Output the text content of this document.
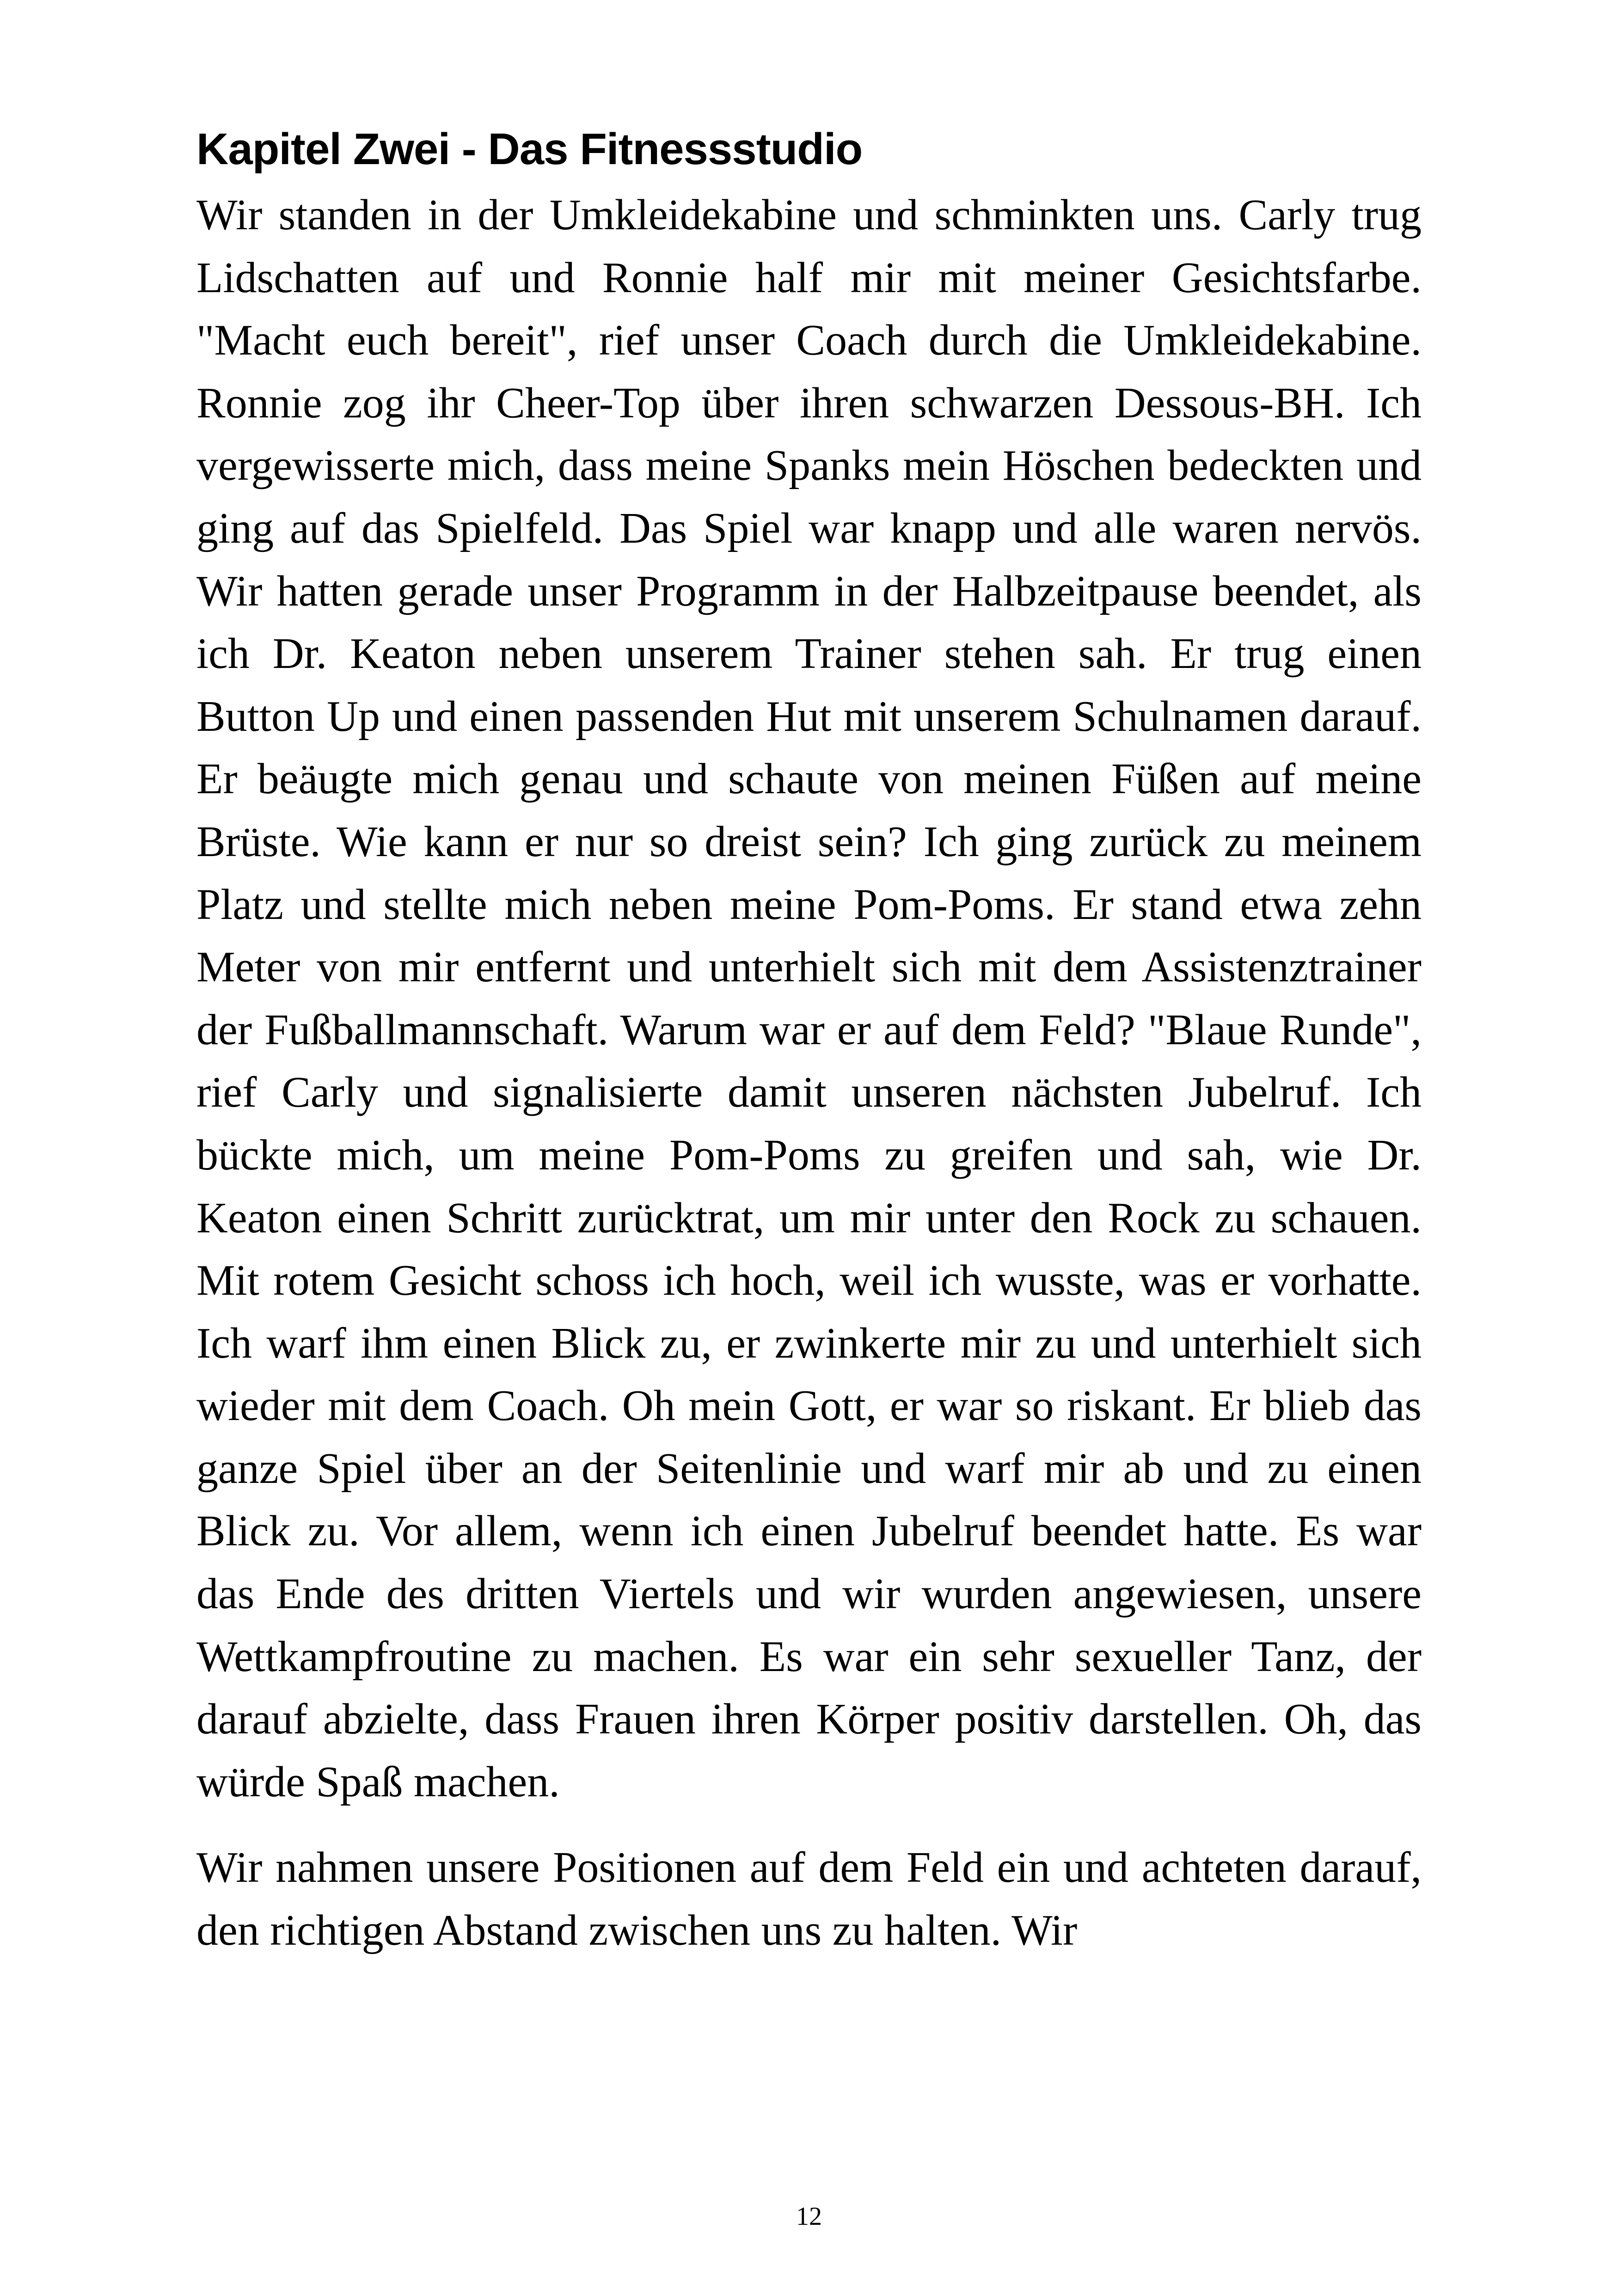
Kapitel Zwei - Das Fitnessstudio

Wir standen in der Umkleidekabine und schminkten uns. Carly trug Lidschatten auf und Ronnie half mir mit meiner Gesichtsfarbe. "Macht euch bereit", rief unser Coach durch die Umkleidekabine. Ronnie zog ihr Cheer-Top über ihren schwarzen Dessous-BH. Ich vergewisserte mich, dass meine Spanks mein Höschen bedeckten und ging auf das Spielfeld. Das Spiel war knapp und alle waren nervös. Wir hatten gerade unser Programm in der Halbzeitpause beendet, als ich Dr. Keaton neben unserem Trainer stehen sah. Er trug einen Button Up und einen passenden Hut mit unserem Schulnamen darauf. Er beäugte mich genau und schaute von meinen Füßen auf meine Brüste. Wie kann er nur so dreist sein? Ich ging zurück zu meinem Platz und stellte mich neben meine Pom-Poms. Er stand etwa zehn Meter von mir entfernt und unterhielt sich mit dem Assistenztrainer der Fußballmannschaft. Warum war er auf dem Feld? "Blaue Runde", rief Carly und signalisierte damit unseren nächsten Jubelruf. Ich bückte mich, um meine Pom-Poms zu greifen und sah, wie Dr. Keaton einen Schritt zurücktrat, um mir unter den Rock zu schauen. Mit rotem Gesicht schoss ich hoch, weil ich wusste, was er vorhatte. Ich warf ihm einen Blick zu, er zwinkerte mir zu und unterhielt sich wieder mit dem Coach. Oh mein Gott, er war so riskant. Er blieb das ganze Spiel über an der Seitenlinie und warf mir ab und zu einen Blick zu. Vor allem, wenn ich einen Jubelruf beendet hatte. Es war das Ende des dritten Viertels und wir wurden angewiesen, unsere Wettkampfroutine zu machen. Es war ein sehr sexueller Tanz, der darauf abzielte, dass Frauen ihren Körper positiv darstellen. Oh, das würde Spaß machen.

Wir nahmen unsere Positionen auf dem Feld ein und achteten darauf, den richtigen Abstand zwischen uns zu halten. Wir

12
